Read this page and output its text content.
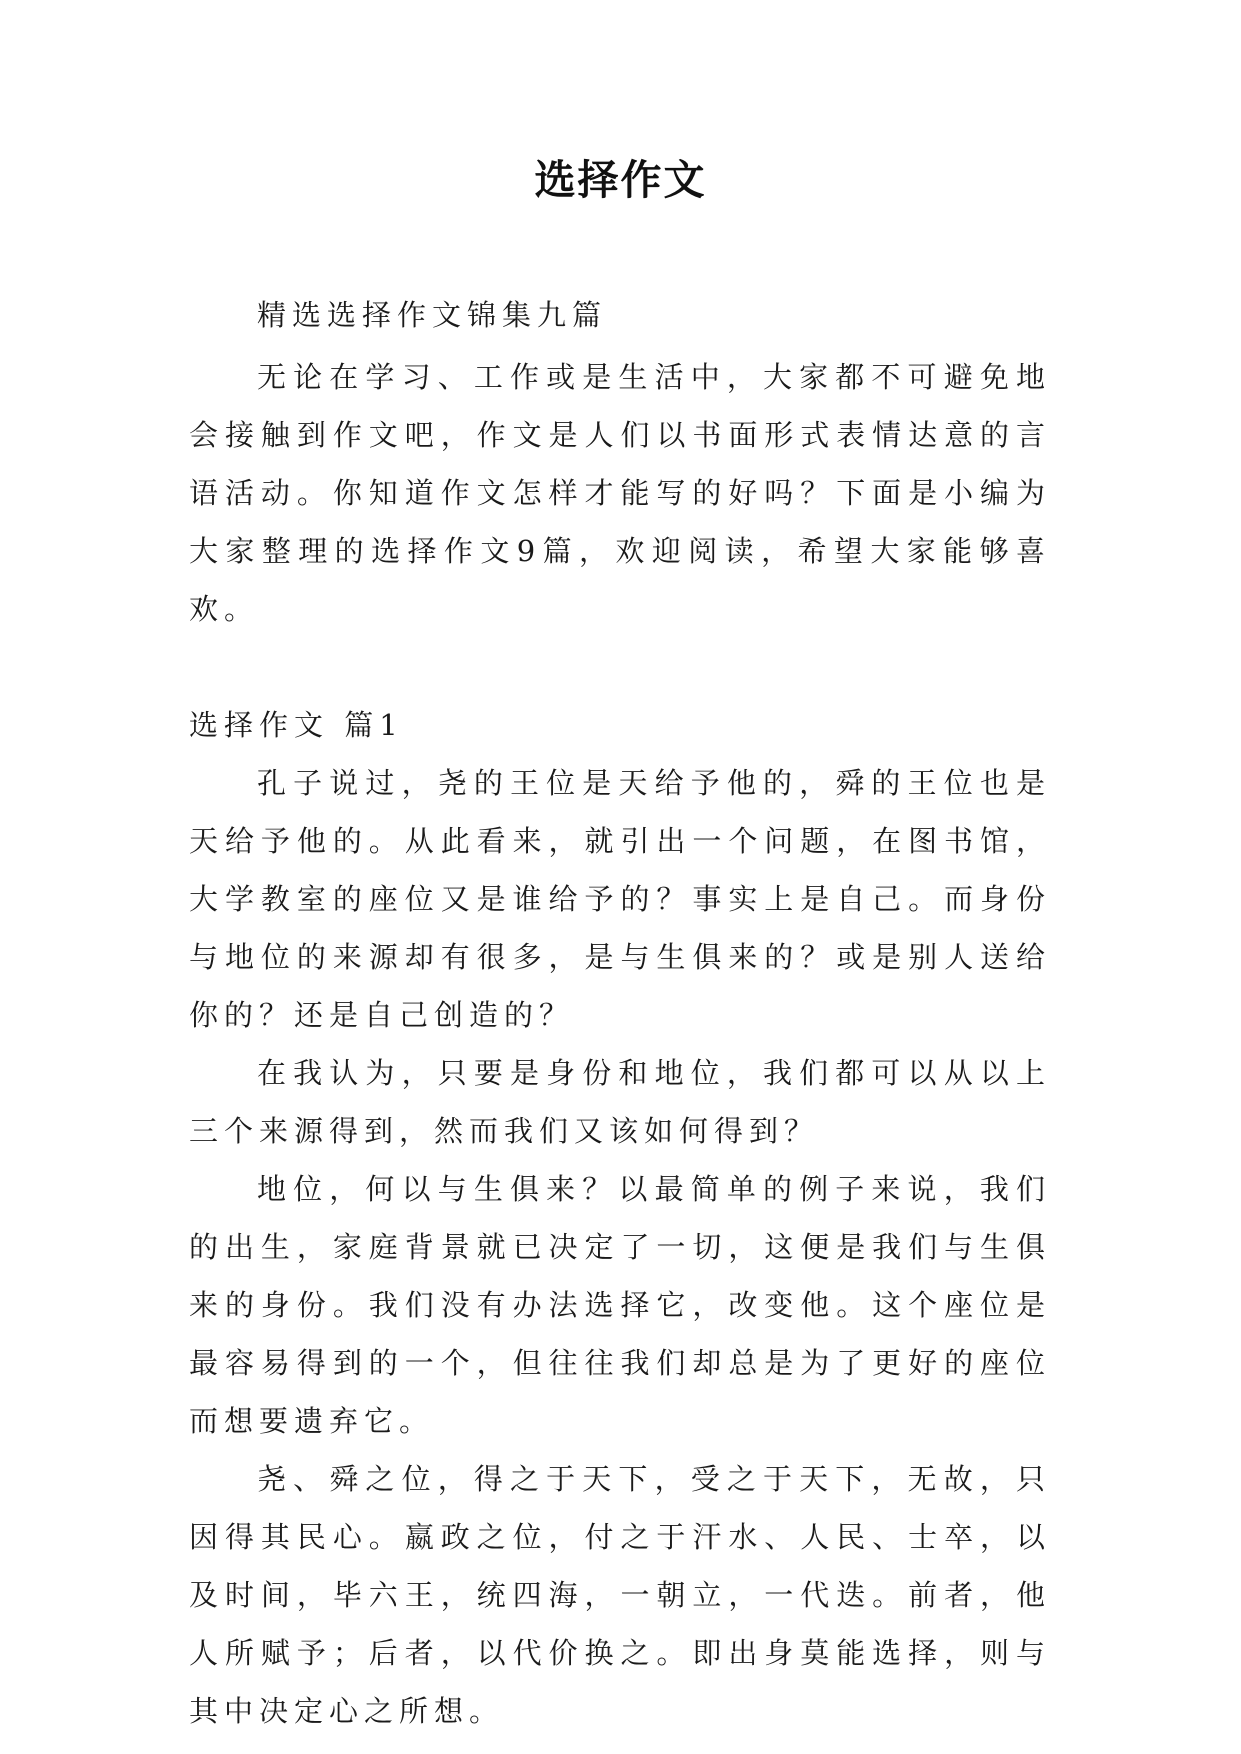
选择作文

精选选择作文锦集九篇

无论在学习、工作或是生活中，大家都不可避免地会接触到作文吧，作文是人们以书面形式表情达意的言语活动。你知道作文怎样才能写的好吗？下面是小编为大家整理的选择作文9篇，欢迎阅读，希望大家能够喜欢。

选择作文 篇1

孔子说过，尧的王位是天给予他的，舜的王位也是天给予他的。从此看来，就引出一个问题，在图书馆，大学教室的座位又是谁给予的？事实上是自己。而身份与地位的来源却有很多，是与生俱来的？或是别人送给你的？还是自己创造的？

在我认为，只要是身份和地位，我们都可以从以上三个来源得到，然而我们又该如何得到？

地位，何以与生俱来？以最简单的例子来说，我们的出生，家庭背景就已决定了一切，这便是我们与生俱来的身份。我们没有办法选择它，改变他。这个座位是最容易得到的一个，但往往我们却总是为了更好的座位而想要遗弃它。

尧、舜之位，得之于天下，受之于天下，无故，只因得其民心。嬴政之位，付之于汗水、人民、士卒，以及时间，毕六王，统四海，一朝立，一代迭。前者，他人所赋予；后者，以代价换之。即出身莫能选择，则与其中决定心之所想。
